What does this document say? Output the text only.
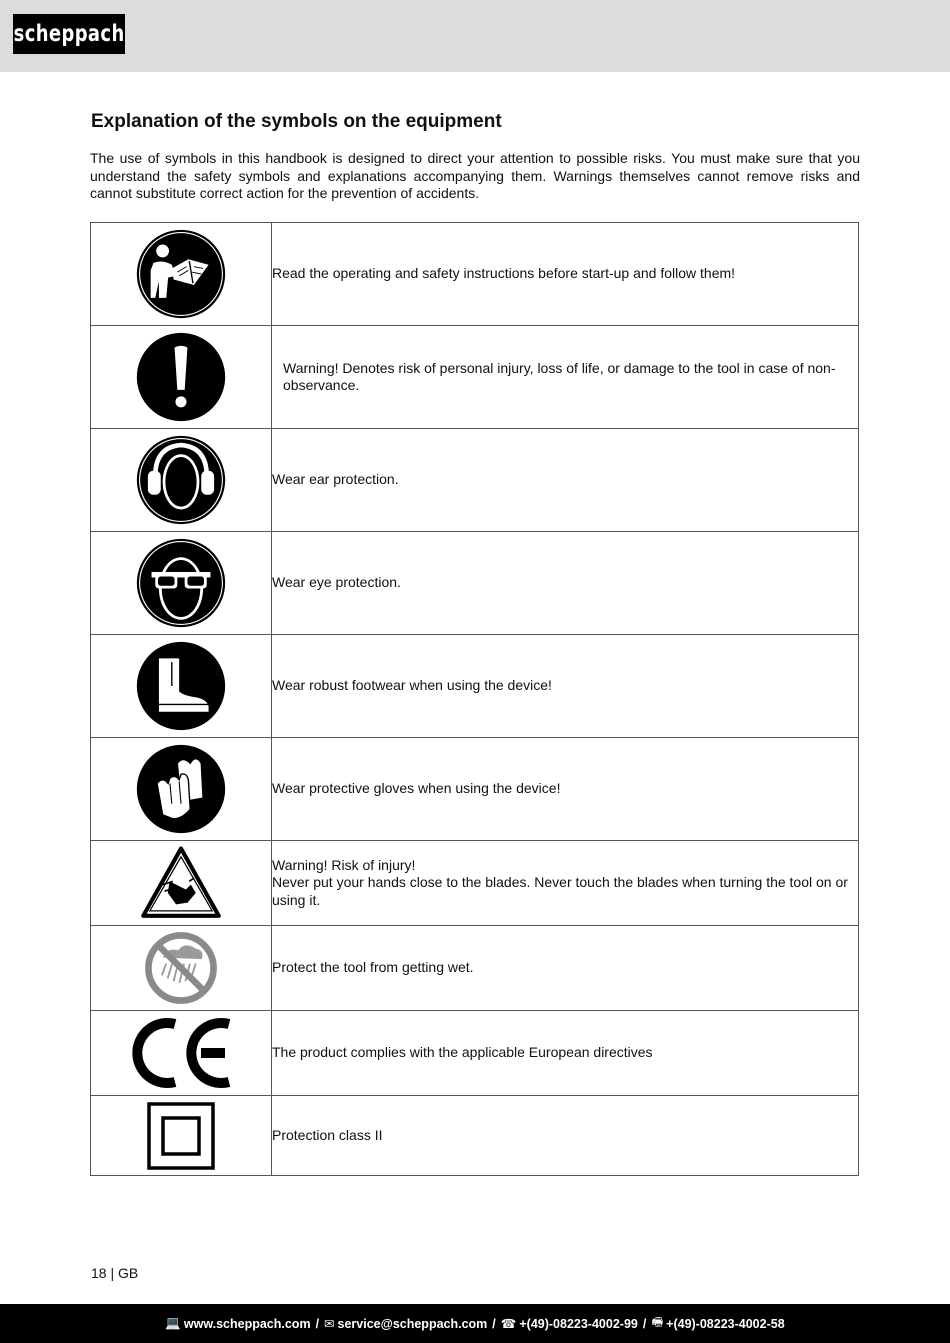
scheppach
Explanation of the symbols on the equipment

The use of symbols in this handbook is designed to direct your attention to possible risks. You must make sure that you understand the safety symbols and explanations accompanying them. Warnings themselves cannot remove risks and cannot substitute correct action for the prevention of accidents.

Read the operating and safety instructions before start-up and follow them!

Warning! Denotes risk of personal injury, loss of life, or damage to the tool in case of non-observance.

Wear ear protection.

Wear eye protection.

Wear robust footwear when using the device!

Wear protective gloves when using the device!

Warning! Risk of injury!
Never put your hands close to the blades. Never touch the blades when turning the tool on or using it.

Protect the tool from getting wet.

The product complies with the applicable European directives

Protection class II
18 | GB
💻 www.scheppach.com / ✉ service@scheppach.com / ☎ +(49)-08223-4002-99 / 🖷 +(49)-08223-4002-58
